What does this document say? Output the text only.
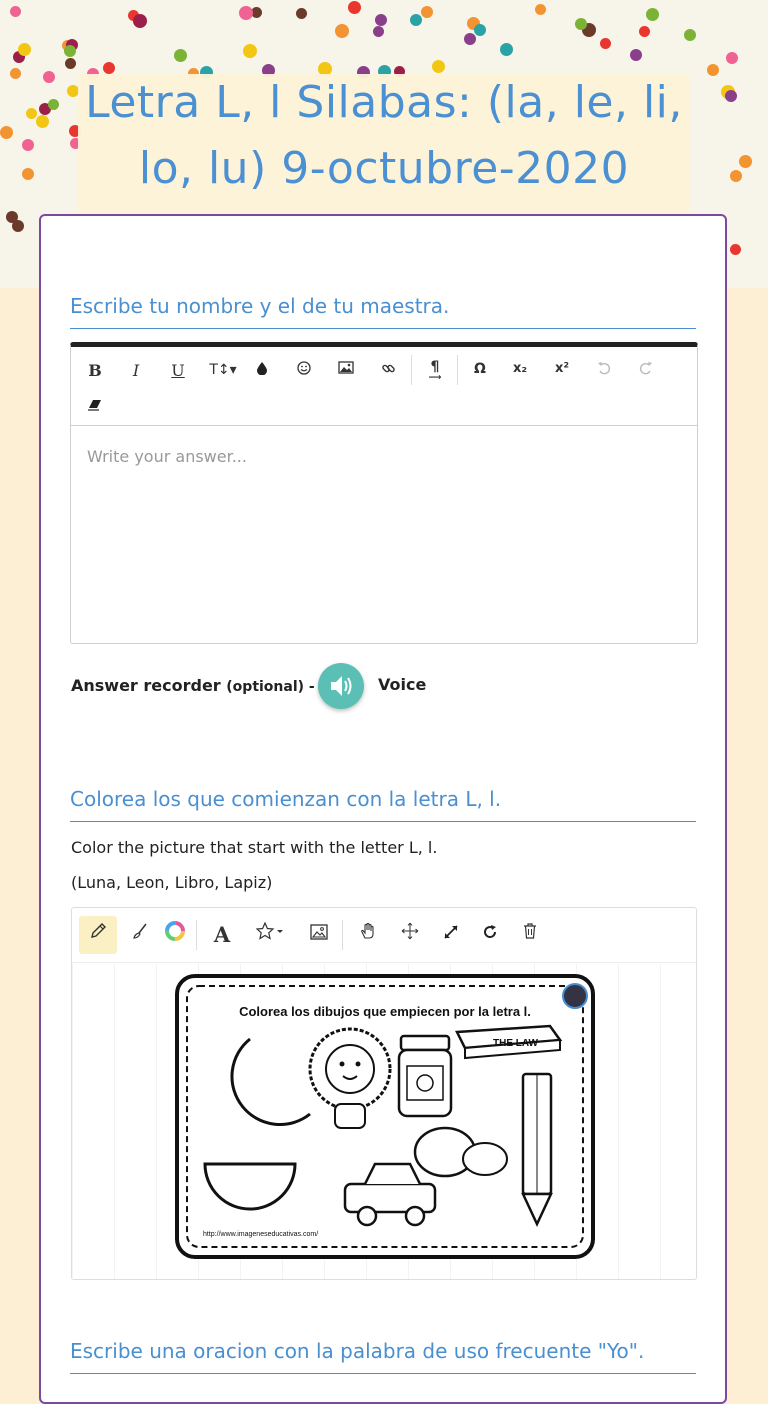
Letra L, l Silabas: (la, le, li, lo, lu) 9-octubre-2020
Escribe tu nombre y el de tu maestra.
B	I	U	T↕▾	¶
⟶
Ω	x₂	x²
Write your answer...
Answer recorder (optional) -	Voice
Colorea los que comienzan con la letra L, l.
Color the picture that start with the letter L, l.
(Luna, Leon, Libro, Lapiz)
A
Colorea los dibujos que empiecen por la letra l.
THE LAW
http://www.imageneseducativas.com/
Escribe una oracion con la palabra de uso frecuente "Yo".
